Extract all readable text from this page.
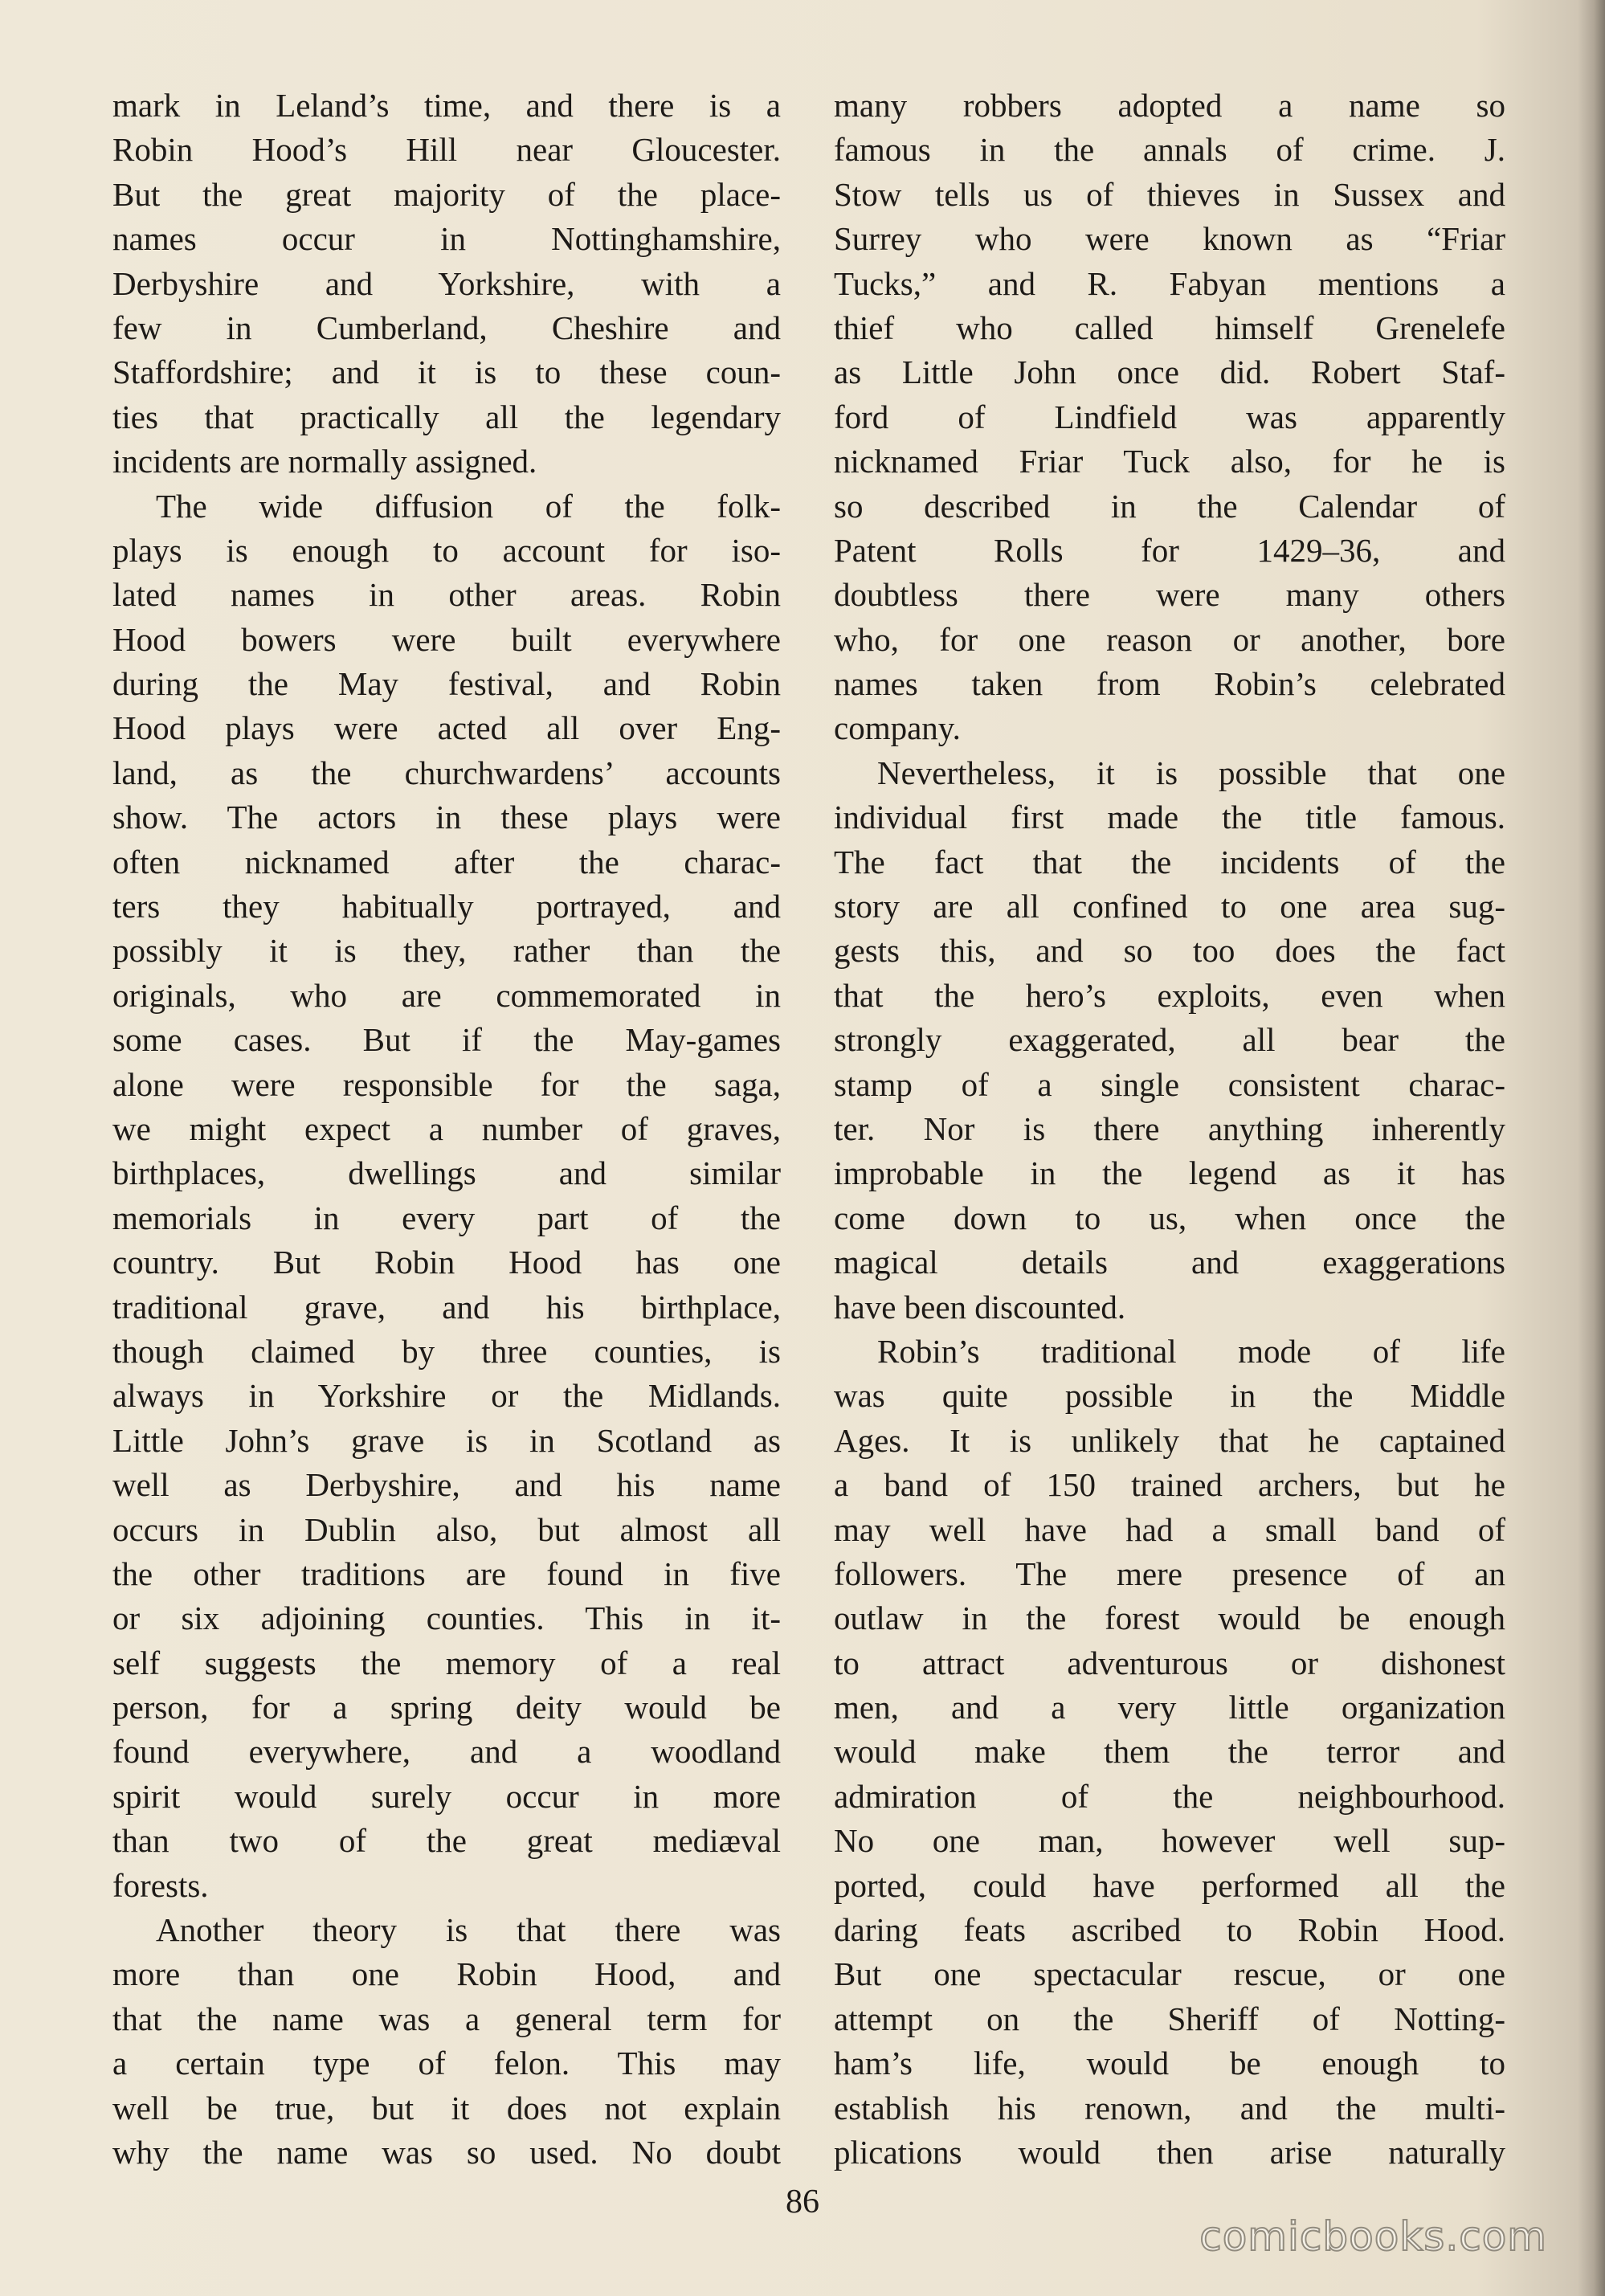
mark in Leland’s time, and there is a
Robin Hood’s Hill near Gloucester.
But the great majority of the place-
names occur in Nottinghamshire,
Derbyshire and Yorkshire, with a
few in Cumberland, Cheshire and
Staffordshire; and it is to these coun-
ties that practically all the legendary
incidents are normally assigned.
The wide diffusion of the folk-
plays is enough to account for iso-
lated names in other areas. Robin
Hood bowers were built everywhere
during the May festival, and Robin
Hood plays were acted all over Eng-
land, as the churchwardens’ accounts
show. The actors in these plays were
often nicknamed after the charac-
ters they habitually portrayed, and
possibly it is they, rather than the
originals, who are commemorated in
some cases. But if the May-games
alone were responsible for the saga,
we might expect a number of graves,
birthplaces, dwellings and similar
memorials in every part of the
country. But Robin Hood has one
traditional grave, and his birthplace,
though claimed by three counties, is
always in Yorkshire or the Midlands.
Little John’s grave is in Scotland as
well as Derbyshire, and his name
occurs in Dublin also, but almost all
the other traditions are found in five
or six adjoining counties. This in it-
self suggests the memory of a real
person, for a spring deity would be
found everywhere, and a woodland
spirit would surely occur in more
than two of the great mediæval
forests.
Another theory is that there was
more than one Robin Hood, and
that the name was a general term for
a certain type of felon. This may
well be true, but it does not explain
why the name was so used. No doubt
many robbers adopted a name so
famous in the annals of crime. J.
Stow tells us of thieves in Sussex and
Surrey who were known as “Friar
Tucks,” and R. Fabyan mentions a
thief who called himself Grenelefe
as Little John once did. Robert Staf-
ford of Lindfield was apparently
nicknamed Friar Tuck also, for he is
so described in the Calendar of
Patent Rolls for 1429–36, and
doubtless there were many others
who, for one reason or another, bore
names taken from Robin’s celebrated
company.
Nevertheless, it is possible that one
individual first made the title famous.
The fact that the incidents of the
story are all confined to one area sug-
gests this, and so too does the fact
that the hero’s exploits, even when
strongly exaggerated, all bear the
stamp of a single consistent charac-
ter. Nor is there anything inherently
improbable in the legend as it has
come down to us, when once the
magical details and exaggerations
have been discounted.
Robin’s traditional mode of life
was quite possible in the Middle
Ages. It is unlikely that he captained
a band of 150 trained archers, but he
may well have had a small band of
followers. The mere presence of an
outlaw in the forest would be enough
to attract adventurous or dishonest
men, and a very little organization
would make them the terror and
admiration of the neighbourhood.
No one man, however well sup-
ported, could have performed all the
daring feats ascribed to Robin Hood.
But one spectacular rescue, or one
attempt on the Sheriff of Notting-
ham’s life, would be enough to
establish his renown, and the multi-
plications would then arise naturally
86
comicbooks.com
